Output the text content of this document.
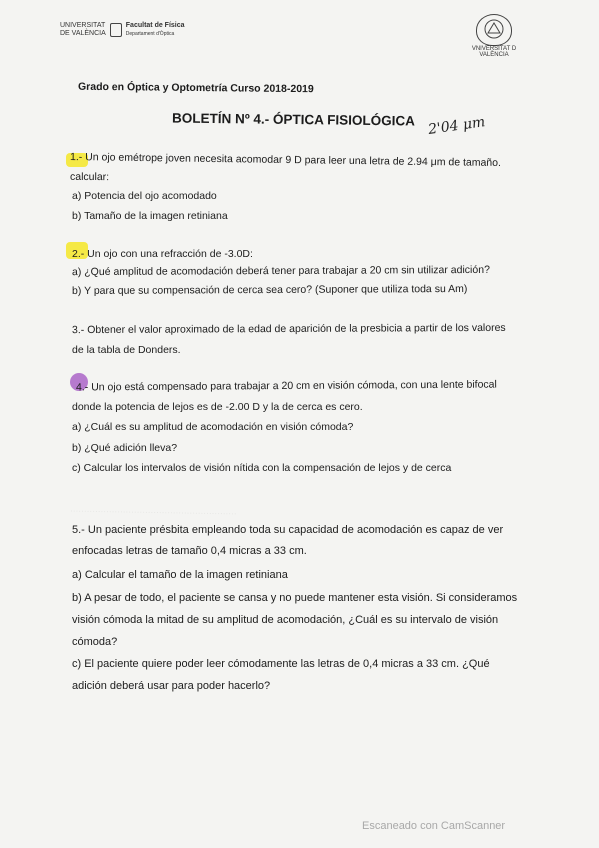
............................................................
UNIVERSITAT
DE VALÈNCIA
Facultat de Física
Departament d'Òptica
VNIVERSITAT D VALÈNCIA
Grado en Óptica y Optometría Curso 2018-2019
BOLETÍN Nº 4.- ÓPTICA FISIOLÓGICA 2'04 μm
1.- Un ojo emétrope joven necesita acomodar 9 D para leer una letra de 2.94 μm de tamaño.
calcular:
a) Potencia del ojo acomodado
b) Tamaño de la imagen retiniana
2.- Un ojo con una refracción de -3.0D:
a) ¿Qué amplitud de acomodación deberá tener para trabajar a 20 cm sin utilizar adición?
b) Y para que su compensación de cerca sea cero? (Suponer que utiliza toda su Am)
3.- Obtener el valor aproximado de la edad de aparición de la presbicia a partir de los valores
de la tabla de Donders.
4.- Un ojo está compensado para trabajar a 20 cm en visión cómoda, con una lente bifocal
donde la potencia de lejos es de -2.00 D y la de cerca es cero.
a) ¿Cuál es su amplitud de acomodación en visión cómoda?
b) ¿Qué adición lleva?
c) Calcular los intervalos de visión nítida con la compensación de lejos y de cerca
5.- Un paciente présbita empleando toda su capacidad de acomodación es capaz de ver
enfocadas letras de tamaño 0,4 micras a 33 cm.
a) Calcular el tamaño de la imagen retiniana
b) A pesar de todo, el paciente se cansa y no puede mantener esta visión. Si consideramos
visión cómoda la mitad de su amplitud de acomodación, ¿Cuál es su intervalo de visión
cómoda?
c) El paciente quiere poder leer cómodamente las letras de 0,4 micras a 33 cm. ¿Qué
adición deberá usar para poder hacerlo?
Escaneado con CamScanner
